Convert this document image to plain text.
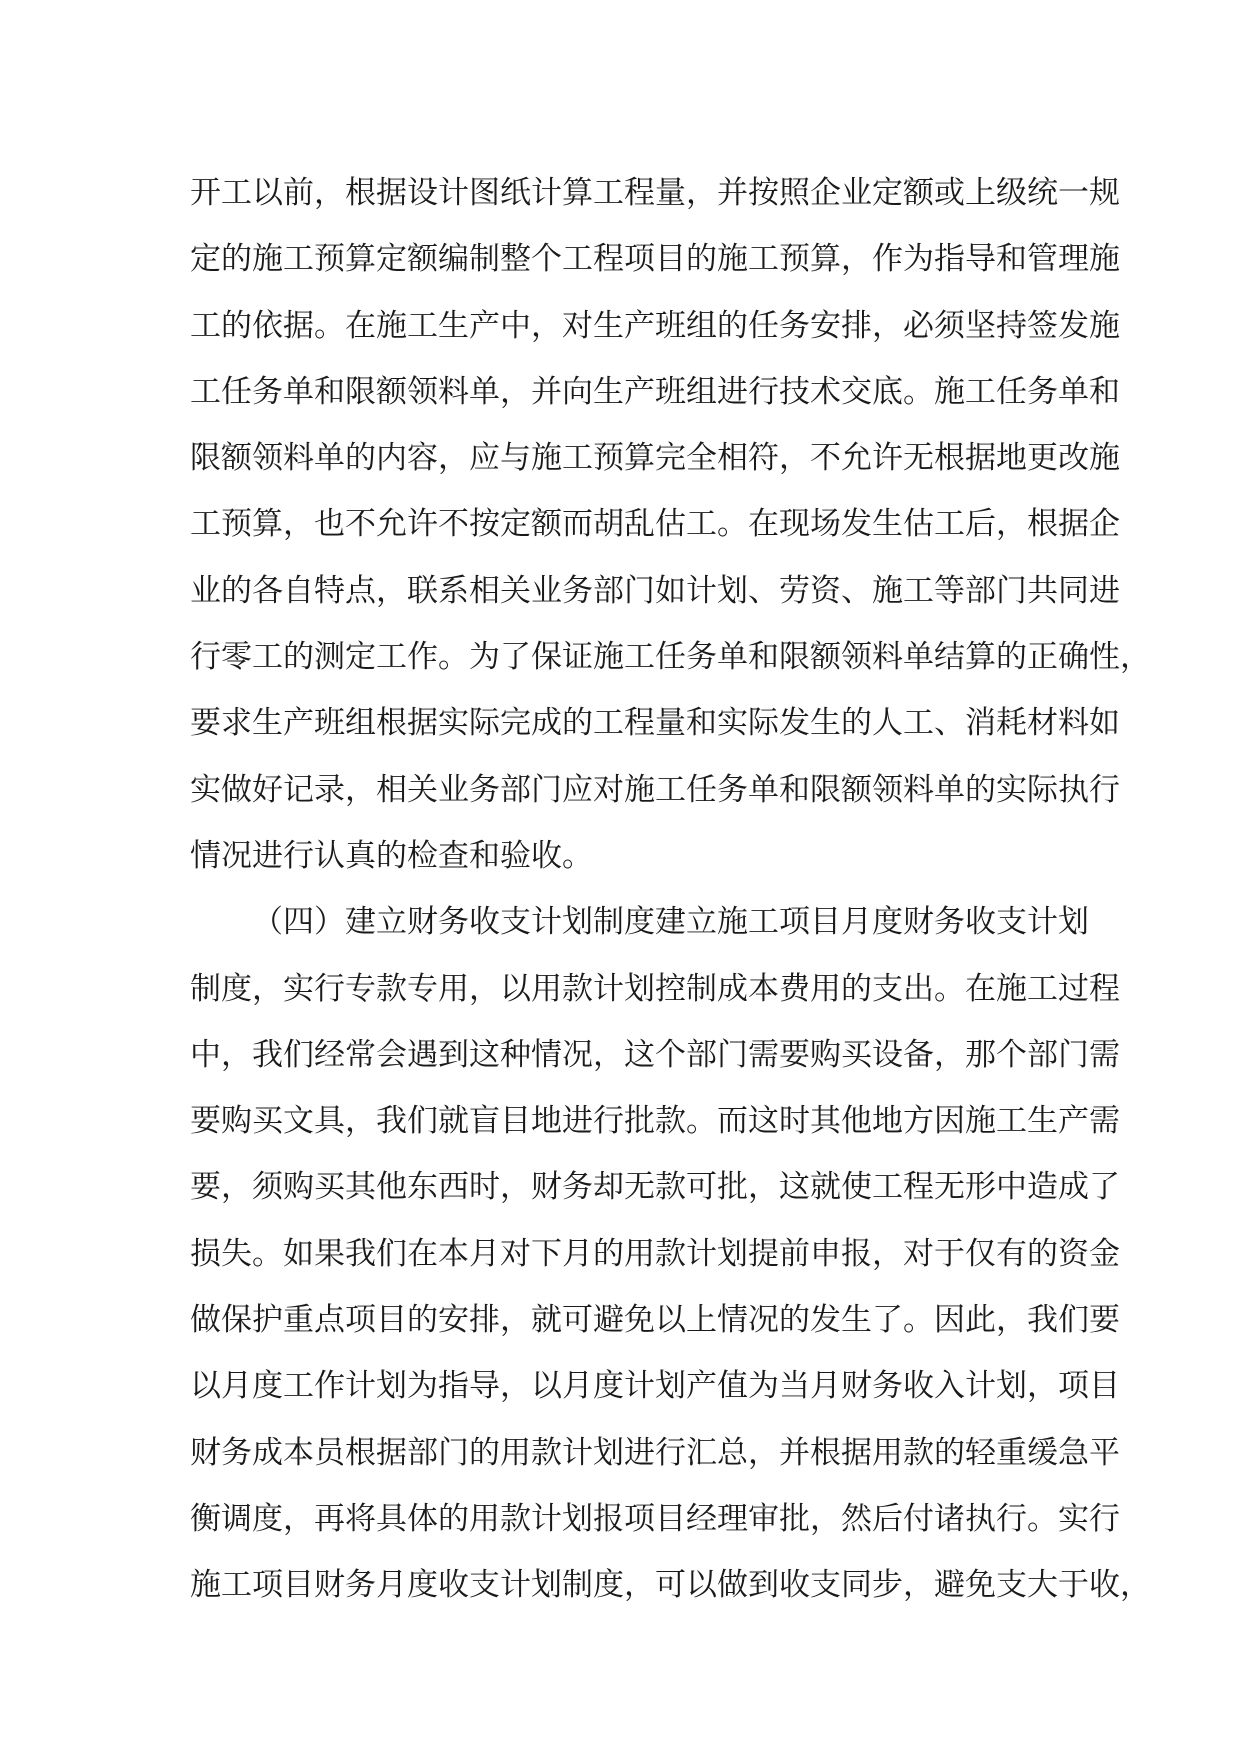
开工以前，根据设计图纸计算工程量，并按照企业定额或上级统一规
定的施工预算定额编制整个工程项目的施工预算，作为指导和管理施
工的依据。在施工生产中，对生产班组的任务安排，必须坚持签发施
工任务单和限额领料单，并向生产班组进行技术交底。施工任务单和
限额领料单的内容，应与施工预算完全相符，不允许无根据地更改施
工预算，也不允许不按定额而胡乱估工。在现场发生估工后，根据企
业的各自特点，联系相关业务部门如计划、劳资、施工等部门共同进
行零工的测定工作。为了保证施工任务单和限额领料单结算的正确性，
要求生产班组根据实际完成的工程量和实际发生的人工、消耗材料如
实做好记录，相关业务部门应对施工任务单和限额领料单的实际执行
情况进行认真的检查和验收。
（四）建立财务收支计划制度建立施工项目月度财务收支计划
制度，实行专款专用，以用款计划控制成本费用的支出。在施工过程
中，我们经常会遇到这种情况，这个部门需要购买设备，那个部门需
要购买文具，我们就盲目地进行批款。而这时其他地方因施工生产需
要，须购买其他东西时，财务却无款可批，这就使工程无形中造成了
损失。如果我们在本月对下月的用款计划提前申报，对于仅有的资金
做保护重点项目的安排，就可避免以上情况的发生了。因此，我们要
以月度工作计划为指导，以月度计划产值为当月财务收入计划，项目
财务成本员根据部门的用款计划进行汇总，并根据用款的轻重缓急平
衡调度，再将具体的用款计划报项目经理审批，然后付诸执行。实行
施工项目财务月度收支计划制度，可以做到收支同步，避免支大于收，
